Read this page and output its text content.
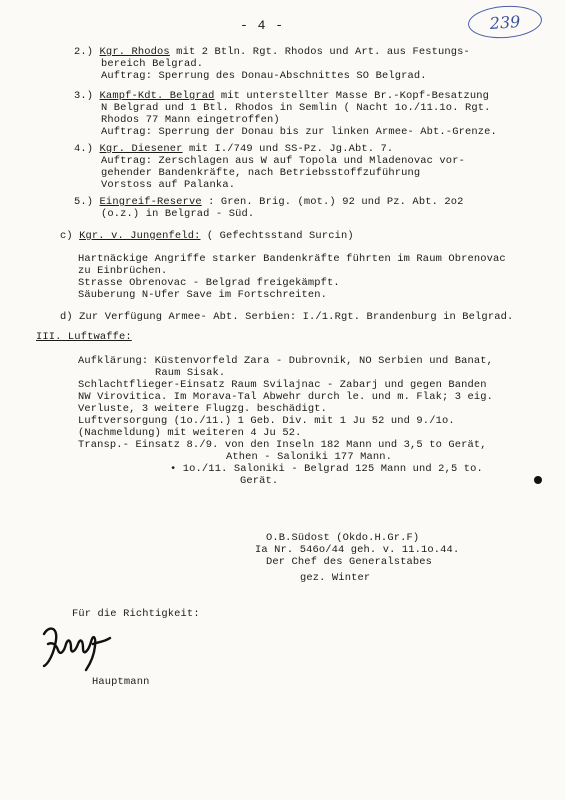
- 4 -	239
2.) Kgr. Rhodos mit 2 Btln. Rgt. Rhodos und Art. aus Festungs-
bereich Belgrad.
Auftrag: Sperrung des Donau-Abschnittes SO Belgrad.
3.) Kampf-Kdt. Belgrad mit unterstellter Masse Br.-Kopf-Besatzung
N Belgrad und 1 Btl. Rhodos in Semlin ( Nacht 1o./11.1o. Rgt.
Rhodos 77 Mann eingetroffen)
Auftrag: Sperrung der Donau bis zur linken Armee- Abt.-Grenze.
4.) Kgr. Diesener mit I./749 und SS-Pz. Jg.Abt. 7.
Auftrag: Zerschlagen aus W auf Topola und Mladenovac vor-
gehender Bandenkräfte, nach Betriebsstoffzuführung
Vorstoss auf Palanka.
5.) Eingreif-Reserve : Gren. Brig. (mot.) 92 und Pz. Abt. 2o2
(o.z.) in Belgrad - Süd.
c) Kgr. v. Jungenfeld: ( Gefechtsstand Surcin)
Hartnäckige Angriffe starker Bandenkräfte führten im Raum Obrenovac
zu Einbrüchen.
Strasse Obrenovac - Belgrad freigekämpft.
Säuberung N-Ufer Save im Fortschreiten.
d) Zur Verfügung Armee- Abt. Serbien: I./1.Rgt. Brandenburg in Belgrad.
III. Luftwaffe:
Aufklärung: Küstenvorfeld Zara - Dubrovnik, NO Serbien und Banat,
Raum Sisak.
Schlachtflieger-Einsatz Raum Svilajnac - Zabarj und gegen Banden
NW Virovitica. Im Morava-Tal Abwehr durch le. und m. Flak; 3 eig.
Verluste, 3 weitere Flugzg. beschädigt.
Luftversorgung (1o./11.) 1 Geb. Div. mit 1 Ju 52 und 9./1o.
(Nachmeldung) mit weiteren 4 Ju 52.
Transp.- Einsatz 8./9. von den Inseln 182 Mann und 3,5 to Gerät,
Athen - Saloniki 177 Mann.
• 1o./11. Saloniki - Belgrad 125 Mann und 2,5 to.
Gerät.
O.B.Südost (Okdo.H.Gr.F)
Ia Nr. 546o/44 geh. v. 11.1o.44.
Der Chef des Generalstabes
gez. Winter
Für die Richtigkeit:
Hauptmann
